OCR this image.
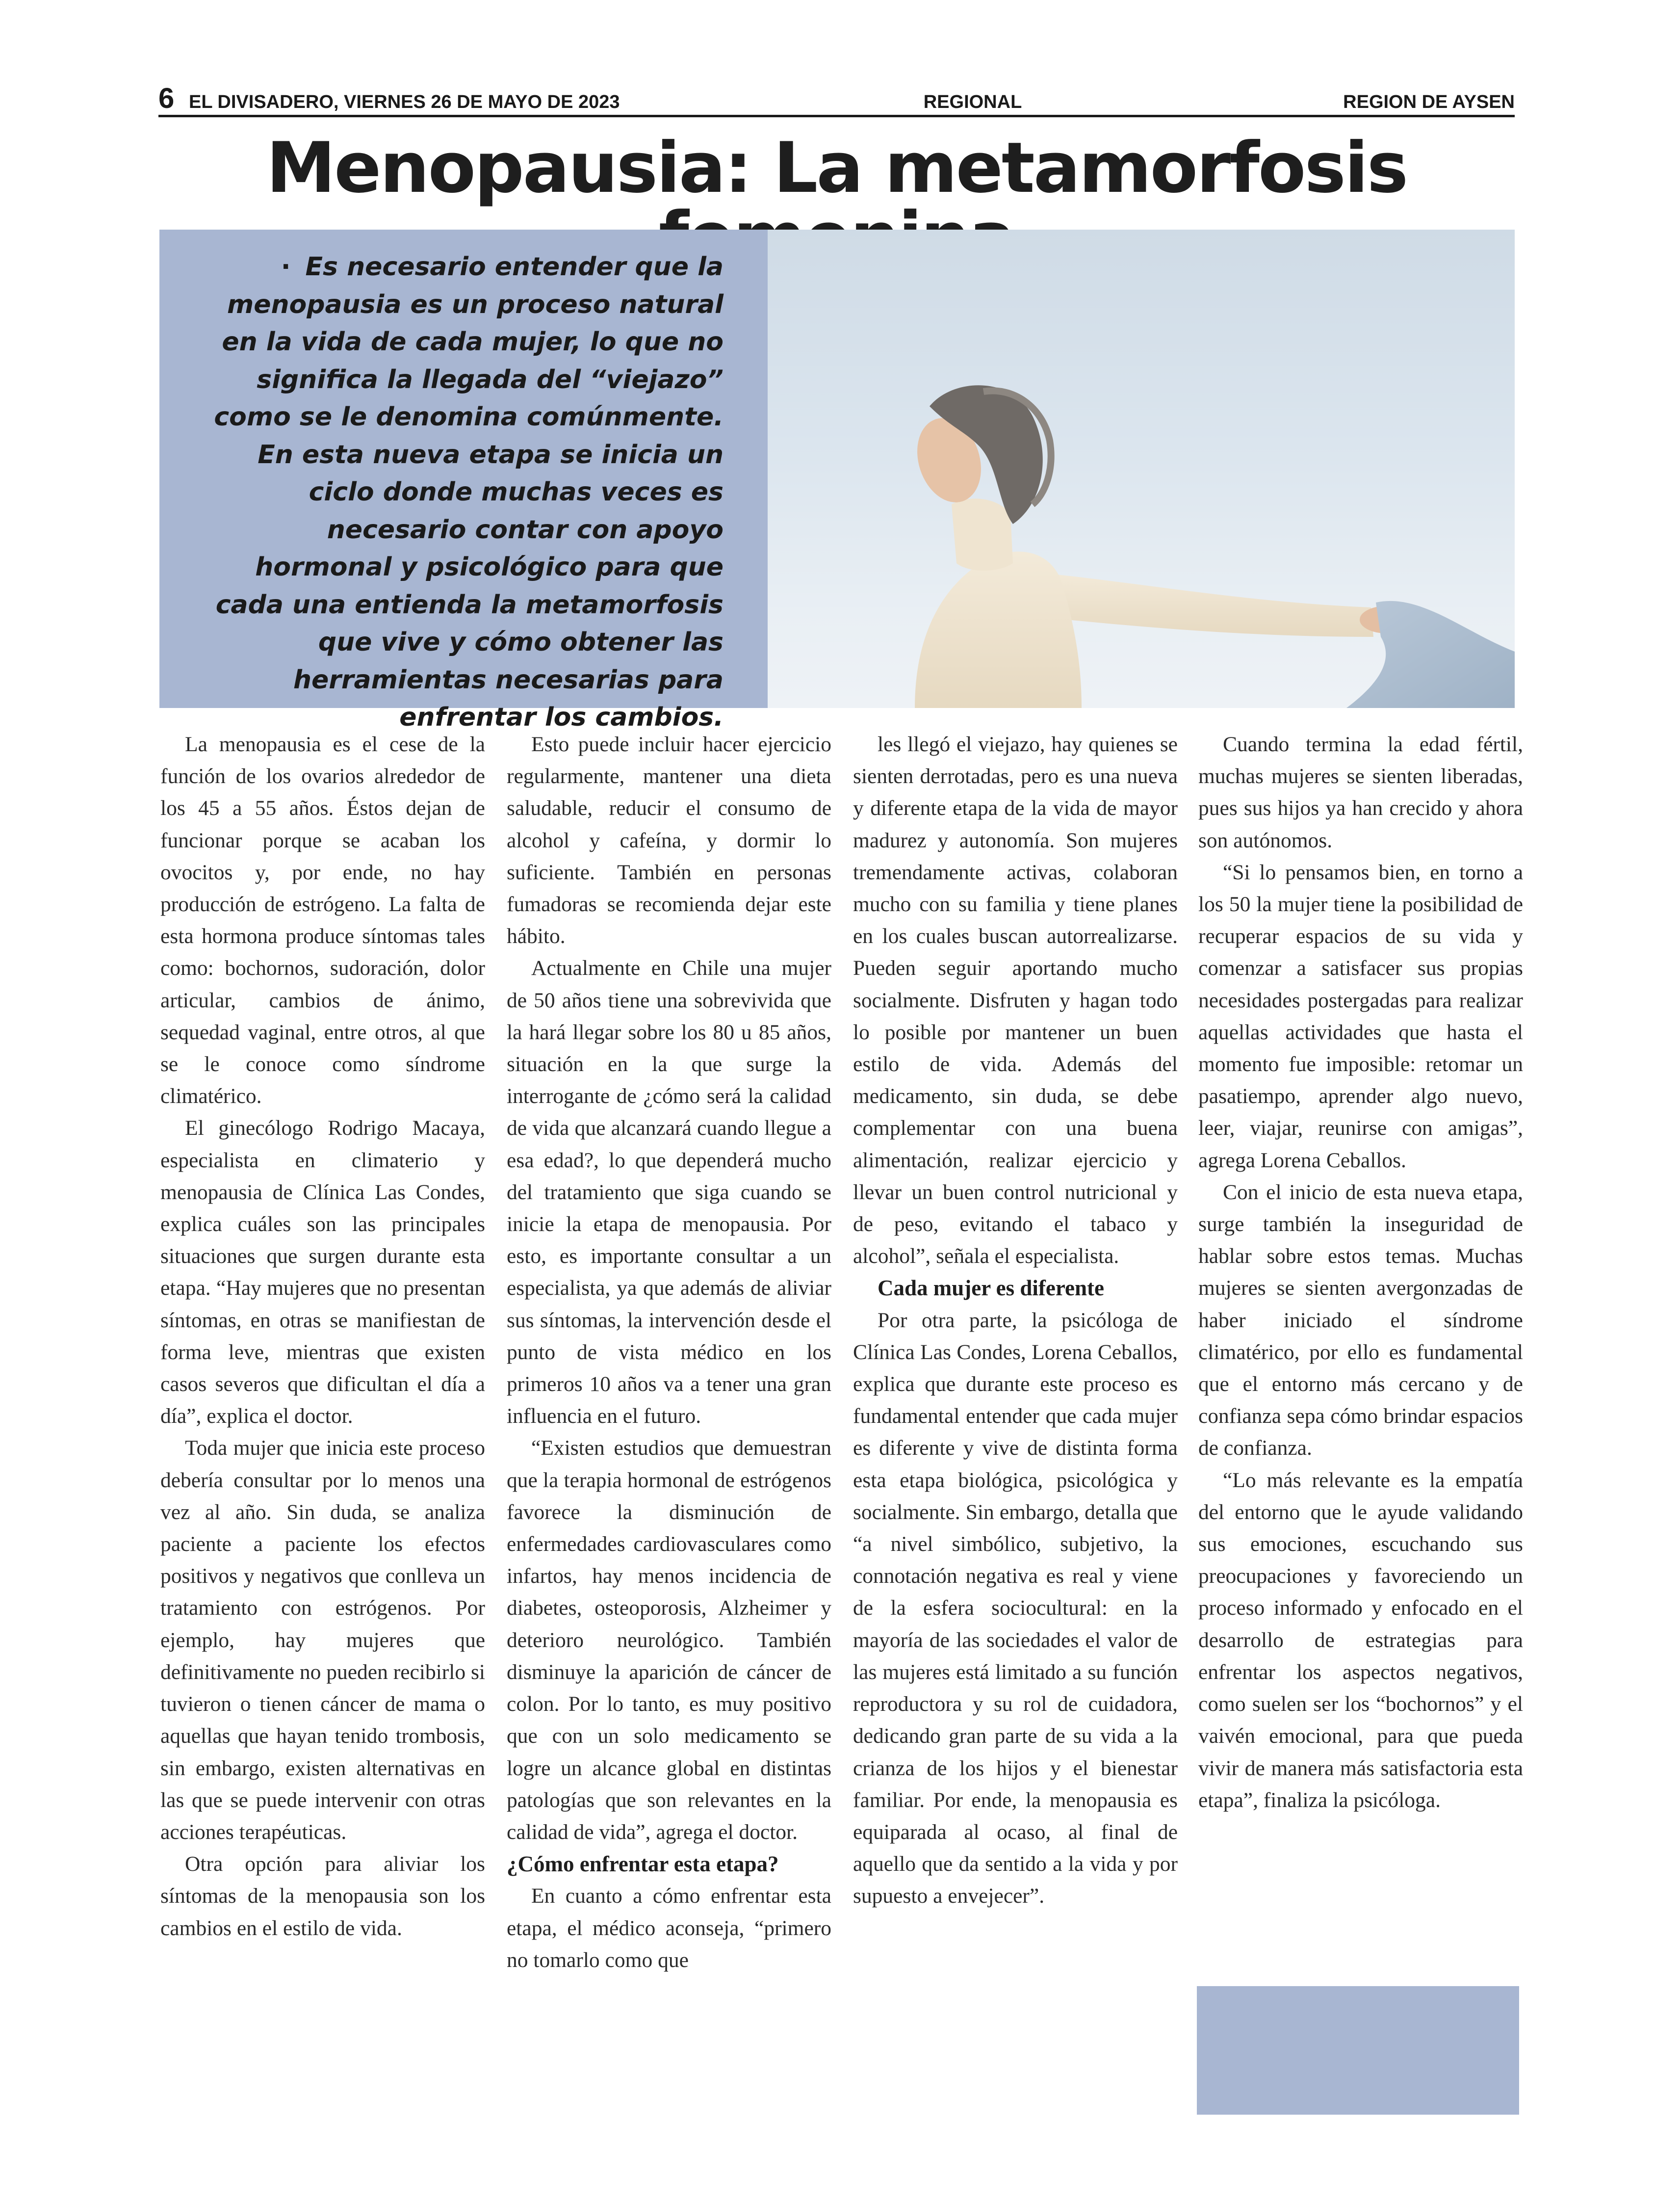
6 EL DIVISADERO, VIERNES 26 DE MAYO DE 2023	REGIONAL	REGION DE AYSEN
Menopausia: La metamorfosis

· Es necesario entender que la menopausia es un proceso natural en la vida de cada mujer, lo que no significa la llegada del “viejazo” como se le denomina comúnmente. En esta nueva etapa se inicia un ciclo donde muchas veces es necesario contar con apoyo hormonal y psicológico para que cada una entienda la metamorfosis que vive y cómo obtener las herramientas necesarias para enfrentar los cambios.

La menopausia es el cese de la función de los ovarios alrededor de los 45 a 55 años. Éstos dejan de funcionar porque se acaban los ovocitos y, por ende, no hay producción de estrógeno. La falta de esta hormona produce síntomas tales como: bochornos, sudoración, dolor articular, cambios de ánimo, sequedad vaginal, entre otros, al que se le conoce como síndrome climatérico.

El ginecólogo Rodrigo Macaya, especialista en climaterio y menopausia de Clínica Las Condes, explica cuáles son las principales situaciones que surgen durante esta etapa. “Hay mujeres que no presentan síntomas, en otras se manifiestan de forma leve, mientras que existen casos severos que dificultan el día a día”, explica el doctor.

Toda mujer que inicia este proceso debería consultar por lo menos una vez al año. Sin duda, se analiza paciente a paciente los efectos positivos y negativos que conlleva un tratamiento con estrógenos. Por ejemplo, hay mujeres que definitivamente no pueden recibirlo si tuvieron o tienen cáncer de mama o aquellas que hayan tenido trombosis, sin embargo, existen alternativas en las que se puede intervenir con otras acciones terapéuticas.

Otra opción para aliviar los síntomas de la menopausia son los cambios en el estilo de vida.

Esto puede incluir hacer ejercicio regularmente, mantener una dieta saludable, reducir el consumo de alcohol y cafeína, y dormir lo suficiente. También en personas fumadoras se recomienda dejar este hábito.

Actualmente en Chile una mujer de 50 años tiene una sobrevivida que la hará llegar sobre los 80 u 85 años, situación en la que surge la interrogante de ¿cómo será la calidad de vida que alcanzará cuando llegue a esa edad?, lo que dependerá mucho del tratamiento que siga cuando se inicie la etapa de menopausia. Por esto, es importante consultar a un especialista, ya que además de aliviar sus síntomas, la intervención desde el punto de vista médico en los primeros 10 años va a tener una gran influencia en el futuro.

“Existen estudios que demuestran que la terapia hormonal de estrógenos favorece la disminución de enfermedades cardiovasculares como infartos, hay menos incidencia de diabetes, osteoporosis, Alzheimer y deterioro neurológico. También disminuye la aparición de cáncer de colon. Por lo tanto, es muy positivo que con un solo medicamento se logre un alcance global en distintas patologías que son relevantes en la calidad de vida”, agrega el doctor.

¿Cómo enfrentar esta etapa?

En cuanto a cómo enfrentar esta etapa, el médico aconseja, “primero no tomarlo como que

les llegó el viejazo, hay quienes se sienten derrotadas, pero es una nueva y diferente etapa de la vida de mayor madurez y autonomía. Son mujeres tremendamente activas, colaboran mucho con su familia y tiene planes en los cuales buscan autorrealizarse. Pueden seguir aportando mucho socialmente. Disfruten y hagan todo lo posible por mantener un buen estilo de vida. Además del medicamento, sin duda, se debe complementar con una buena alimentación, realizar ejercicio y llevar un buen control nutricional y de peso, evitando el tabaco y alcohol”, señala el especialista.

Cada mujer es diferente

Por otra parte, la psicóloga de Clínica Las Condes, Lorena Ceballos, explica que durante este proceso es fundamental entender que cada mujer es diferente y vive de distinta forma esta etapa biológica, psicológica y socialmente. Sin embargo, detalla que “a nivel simbólico, subjetivo, la connotación negativa es real y viene de la esfera sociocultural: en la mayoría de las sociedades el valor de las mujeres está limitado a su función reproductora y su rol de cuidadora, dedicando gran parte de su vida a la crianza de los hijos y el bienestar familiar. Por ende, la menopausia es equiparada al ocaso, al final de aquello que da sentido a la vida y por supuesto a envejecer”.

Cuando termina la edad fértil, muchas mujeres se sienten liberadas, pues sus hijos ya han crecido y ahora son autónomos.

“Si lo pensamos bien, en torno a los 50 la mujer tiene la posibilidad de recuperar espacios de su vida y comenzar a satisfacer sus propias necesidades postergadas para realizar aquellas actividades que hasta el momento fue imposible: retomar un pasatiempo, aprender algo nuevo, leer, viajar, reunirse con amigas”, agrega Lorena Ceballos.

Con el inicio de esta nueva etapa, surge también la inseguridad de hablar sobre estos temas. Muchas mujeres se sienten avergonzadas de haber iniciado el síndrome climatérico, por ello es fundamental que el entorno más cercano y de confianza sepa cómo brindar espacios de confianza.

“Lo más relevante es la empatía del entorno que le ayude validando sus emociones, escuchando sus preocupaciones y favoreciendo un proceso informado y enfocado en el desarrollo de estrategias para enfrentar los aspectos negativos, como suelen ser los “bochornos” y el vaivén emocional, para que pueda vivir de manera más satisfactoria esta etapa”, finaliza la psicóloga.
